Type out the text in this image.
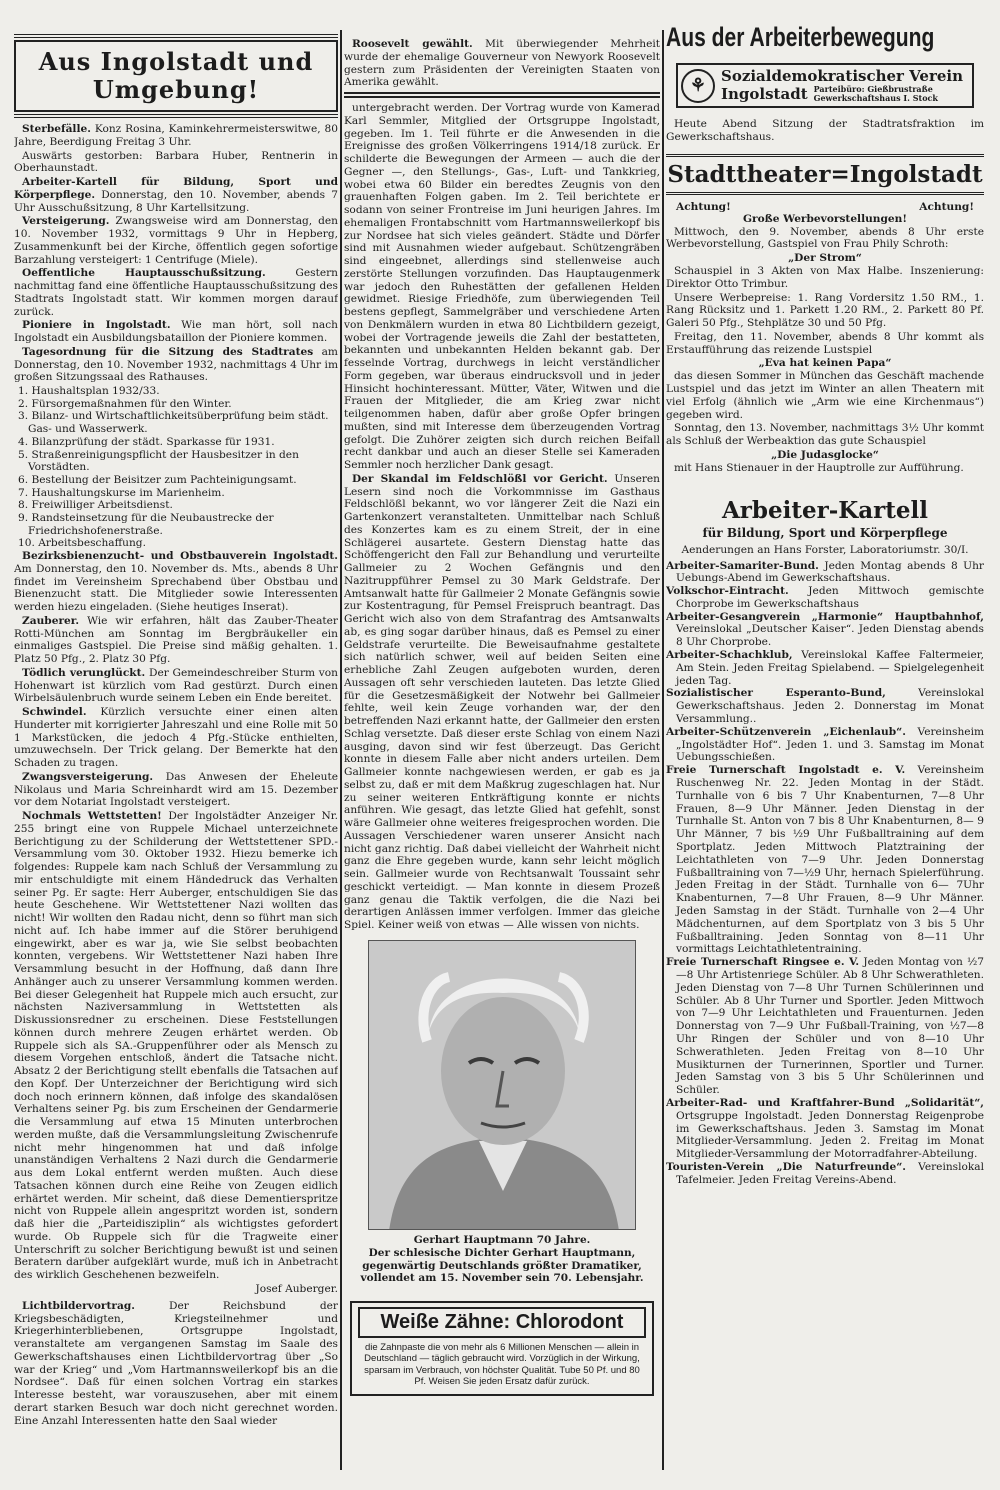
Aus Ingolstadt und
Umgebung!

Sterbefälle. Konz Rosina, Kaminkehrermeisterswitwe, 80 Jahre, Beerdigung Freitag 3 Uhr.

Auswärts gestorben: Barbara Huber, Rentnerin in Oberhaunstadt.

Arbeiter-Kartell für Bildung, Sport und Körperpflege. Donnerstag, den 10. November, abends 7 Uhr Ausschußsitzung, 8 Uhr Kartellsitzung.

Versteigerung. Zwangsweise wird am Donnerstag, den 10. November 1932, vormittags 9 Uhr in Hepberg, Zusammenkunft bei der Kirche, öffentlich gegen sofortige Barzahlung versteigert: 1 Centrifuge (Miele).

Oeffentliche Hauptausschußsitzung.	Gestern nachmittag fand eine öffentliche Hauptausschußsitzung des Stadtrats Ingolstadt statt. Wir kommen morgen darauf zurück.

Pioniere in Ingolstadt. Wie man hört, soll nach Ingolstadt ein Ausbildungsbataillon der Pioniere kommen.

Tagesordnung für die Sitzung des Stadtrates am Donnerstag, den 10. November 1932, nachmittags 4 Uhr im großen Sitzungssaal des Rathauses.

1. Haushaltsplan 1932/33.
2. Fürsorgemaßnahmen für den Winter.
3. Bilanz- und Wirtschaftlichkeitsüberprüfung beim städt. Gas- und Wasserwerk.
4. Bilanzprüfung der städt. Sparkasse für 1931.
5. Straßenreinigungspflicht der Hausbesitzer in den Vorstädten.
6. Bestellung der Beisitzer zum Pachteinigungsamt.
7. Haushaltungskurse im Marienheim.
8. Freiwilliger Arbeitsdienst.
9. Randsteinsetzung für die Neubaustrecke der Friedrichshofenerstraße.
10. Arbeitsbeschaffung.

Bezirksbienenzucht- und Obstbauverein Ingolstadt. Am Donnerstag, den 10. November ds. Mts., abends 8 Uhr findet im Vereinsheim Sprechabend über Obstbau und Bienenzucht statt. Die Mitglieder sowie Interessenten werden hiezu eingeladen. (Siehe heutiges Inserat).

Zauberer. Wie wir erfahren, hält das Zauber-Theater Rotti-München am Sonntag im Bergbräukeller ein einmaliges Gastspiel. Die Preise sind mäßig gehalten. 1. Platz 50 Pfg., 2. Platz 30 Pfg.

Tödlich verunglückt. Der Gemeindeschreiber Sturm von Hohenwart ist kürzlich vom Rad gestürzt. Durch einen Wirbelsäulenbruch wurde seinem Leben ein Ende bereitet.

Schwindel. Kürzlich versuchte einer einen alten Hunderter mit korrigierter Jahreszahl und eine Rolle mit 50 1 Markstücken, die jedoch 4 Pfg.-Stücke enthielten, umzuwechseln. Der Trick gelang. Der Bemerkte hat den Schaden zu tragen.

Zwangsversteigerung. Das Anwesen der Eheleute Nikolaus und Maria Schreinhardt wird am 15. Dezember vor dem Notariat Ingolstadt versteigert.

Nochmals Wettstetten! Der Ingolstädter Anzeiger Nr. 255 bringt eine von Ruppele Michael unterzeichnete Berichtigung zu der Schilderung der Wettstettener SPD.-Versammlung vom 30. Oktober 1932. Hiezu bemerke ich folgendes: Ruppele kam nach Schluß der Versammlung zu mir entschuldigte mit einem Händedruck das Verhalten seiner Pg. Er sagte: Herr Auberger, entschuldigen Sie das heute Geschehene. Wir Wettstettener Nazi wollten das nicht! Wir wollten den Radau nicht, denn so führt man sich nicht auf. Ich habe immer auf die Störer beruhigend eingewirkt, aber es war ja, wie Sie selbst beobachten konnten, vergebens. Wir Wettstettener Nazi haben Ihre Versammlung besucht in der Hoffnung, daß dann Ihre Anhänger auch zu unserer Versammlung kommen werden. Bei dieser Gelegenheit hat Ruppele mich auch ersucht, zur nächsten Naziversammlung in Wettstetten als Diskussionsredner zu erscheinen. Diese Feststellungen können durch mehrere Zeugen erhärtet werden. Ob Ruppele sich als SA.-Gruppenführer oder als Mensch zu diesem Vorgehen entschloß, ändert die Tatsache nicht. Absatz 2 der Berichtigung stellt ebenfalls die Tatsachen auf den Kopf. Der Unterzeichner der Berichtigung wird sich doch noch erinnern können, daß infolge des skandalösen Verhaltens seiner Pg. bis zum Erscheinen der Gendarmerie die Versammlung auf etwa 15 Minuten unterbrochen werden mußte, daß die Versammlungsleitung Zwischenrufe nicht mehr hingenommen hat und daß infolge unanständigen Verhaltens 2 Nazi durch die Gendarmerie aus dem Lokal entfernt werden mußten. Auch diese Tatsachen können durch eine Reihe von Zeugen eidlich erhärtet werden. Mir scheint, daß diese Dementierspritze nicht von Ruppele allein angespritzt worden ist, sondern daß hier die „Parteidisziplin“ als wichtigstes gefordert wurde. Ob Ruppele sich für die Tragweite einer Unterschrift zu solcher Berichtigung bewußt ist und seinen Beratern darüber aufgeklärt wurde, muß ich in Anbetracht des wirklich Geschehenen bezweifeln.

Josef Auberger.

Lichtbildervortrag.	Der Reichsbund der Kriegsbeschädigten, Kriegsteilnehmer und Kriegerhinterbliebenen, Ortsgruppe Ingolstadt, veranstaltete am vergangenen Samstag im Saale des Gewerkschaftshauses einen Lichtbildervortrag über „So war der Krieg“ und „Vom Hartmannsweilerkopf bis an die Nordsee“. Daß für einen solchen Vortrag ein starkes Interesse besteht, war vorauszusehen, aber mit einem derart starken Besuch war doch nicht gerechnet worden. Eine Anzahl Interessenten hatte den Saal wieder

Roosevelt gewählt. Mit überwiegender Mehrheit wurde der ehemalige Gouverneur von Newyork Roosevelt gestern zum Präsidenten der Vereinigten Staaten von Amerika gewählt.

untergebracht werden. Der Vortrag wurde von Kamerad Karl Semmler, Mitglied der Ortsgruppe Ingolstadt, gegeben. Im 1. Teil führte er die Anwesenden in die Ereignisse des großen Völkerringens 1914/18 zurück. Er schilderte die Bewegungen der Armeen — auch die der Gegner —, den Stellungs-, Gas-, Luft- und Tankkrieg, wobei etwa 60 Bilder ein beredtes Zeugnis von den grauenhaften Folgen gaben. Im 2. Teil berichtete er sodann von seiner Frontreise im Juni heurigen Jahres. Im ehemaligen Frontabschnitt vom Hartmannsweilerkopf bis zur Nordsee hat sich vieles geändert. Städte und Dörfer sind mit Ausnahmen wieder aufgebaut. Schützengräben sind eingeebnet, allerdings sind stellenweise auch zerstörte Stellungen vorzufinden. Das Hauptaugenmerk war jedoch den Ruhestätten der gefallenen Helden gewidmet. Riesige Friedhöfe, zum überwiegenden Teil bestens gepflegt, Sammelgräber und verschiedene Arten von Denkmälern wurden in etwa 80 Lichtbildern gezeigt, wobei der Vortragende jeweils die Zahl der bestatteten, bekannten und unbekannten Helden bekannt gab. Der fesselnde Vortrag, durchwegs in leicht verständlicher Form gegeben, war überaus eindrucksvoll und in jeder Hinsicht hochinteressant. Mütter, Väter, Witwen und die Frauen der Mitglieder, die am Krieg zwar nicht teilgenommen haben, dafür aber große Opfer bringen mußten, sind mit Interesse dem überzeugenden Vortrag gefolgt. Die Zuhörer zeigten sich durch reichen Beifall recht dankbar und auch an dieser Stelle sei Kameraden Semmler noch herzlicher Dank gesagt.

Der Skandal im Feldschlößl vor Gericht. Unseren Lesern sind noch die Vorkommnisse im Gasthaus Feldschlößl bekannt, wo vor längerer Zeit die Nazi ein Gartenkonzert veranstalteten. Unmittelbar nach Schluß des Konzertes kam es zu einem Streit, der in eine Schlägerei ausartete. Gestern Dienstag hatte das Schöffengericht den Fall zur Behandlung und verurteilte Gallmeier zu 2 Wochen Gefängnis und den Nazitruppführer Pemsel zu 30 Mark Geldstrafe. Der Amtsanwalt hatte für Gallmeier 2 Monate Gefängnis sowie zur Kostentragung, für Pemsel Freispruch beantragt. Das Gericht wich also von dem Strafantrag des Amtsanwalts ab, es ging sogar darüber hinaus, daß es Pemsel zu einer Geldstrafe verurteilte. Die Beweisaufnahme gestaltete sich natürlich schwer, weil auf beiden Seiten eine erhebliche Zahl Zeugen aufgeboten wurden, deren Aussagen oft sehr verschieden lauteten. Das letzte Glied für die Gesetzesmäßigkeit der Notwehr bei Gallmeier fehlte, weil kein Zeuge vorhanden war, der den betreffenden Nazi erkannt hatte, der Gallmeier den ersten Schlag versetzte. Daß dieser erste Schlag von einem Nazi ausging, davon sind wir fest überzeugt. Das Gericht konnte in diesem Falle aber nicht anders urteilen. Dem Gallmeier konnte nachgewiesen werden, er gab es ja selbst zu, daß er mit dem Maßkrug zugeschlagen hat. Nur zu seiner weiteren Entkräftigung konnte er nichts anführen. Wie gesagt, das letzte Glied hat gefehlt, sonst wäre Gallmeier ohne weiteres freigesprochen worden. Die Aussagen Verschiedener waren unserer Ansicht nach nicht ganz richtig. Daß dabei vielleicht der Wahrheit nicht ganz die Ehre gegeben wurde, kann sehr leicht möglich sein. Gallmeier wurde von Rechtsanwalt Toussaint sehr geschickt verteidigt. — Man konnte in diesem Prozeß ganz genau die Taktik verfolgen, die die Nazi bei derartigen Anlässen immer verfolgen. Immer das gleiche Spiel. Keiner weiß von etwas — Alle wissen von nichts.

Gerhart Hauptmann 70 Jahre.
Der schlesische Dichter Gerhart Hauptmann, gegenwärtig Deutschlands größter Dramatiker, vollendet am 15. November sein 70. Lebensjahr.
Weiße Zähne: Chlorodont
die Zahnpaste die von mehr als 6 Millionen Menschen — allein in Deutschland — täglich gebraucht wird. Vorzüglich in der Wirkung, sparsam im Verbrauch, von höchster Qualität. Tube 50 Pf. und 80 Pf. Weisen Sie jeden Ersatz dafür zurück.
Aus der Arbeiterbewegung
⚘ Sozialdemokratischer Verein
Ingolstadt Parteibüro: Gießbrustraße
Gewerkschaftshaus I. Stock

Heute Abend Sitzung der Stadtratsfraktion im Gewerkschaftshaus.

Stadttheater=Ingolstadt
Achtung!	Achtung!
Große Werbevorstellungen!

Mittwoch, den 9. November, abends 8 Uhr erste Werbevorstellung, Gastspiel von Frau Phily Schroth:

„Der Strom“

Schauspiel in 3 Akten von Max Halbe. Inszenierung: Direktor Otto Trimbur.

Unsere Werbepreise: 1. Rang Vordersitz 1.50 RM., 1. Rang Rücksitz und 1. Parkett 1.20 RM., 2. Parkett 80 Pf. Galeri 50 Pfg., Stehplätze 30 und 50 Pfg.

Freitag, den 11. November, abends 8 Uhr kommt als Erstaufführung das reizende Lustspiel

„Eva hat keinen Papa“

das diesen Sommer in München das Geschäft machende Lustspiel und das jetzt im Winter an allen Theatern mit viel Erfolg (ähnlich wie „Arm wie eine Kirchenmaus“) gegeben wird.

Sonntag, den 13. November, nachmittags 3½ Uhr kommt als Schluß der Werbeaktion das gute Schauspiel

„Die Judasglocke“

mit Hans Stienauer in der Hauptrolle zur Aufführung.

Arbeiter-Kartell
für Bildung, Sport und Körperpflege
Aenderungen an Hans Forster, Laboratoriumstr. 30/I.

Arbeiter-Samariter-Bund. Jeden Montag abends 8 Uhr Uebungs-Abend im Gewerkschaftshaus.

Volkschor-Eintracht. Jeden Mittwoch gemischte Chorprobe im Gewerkschaftshaus

Arbeiter-Gesangverein „Harmonie“ Hauptbahnhof, Vereinslokal „Deutscher Kaiser“. Jeden Dienstag abends 8 Uhr Chorprobe.

Arbeiter-Schachklub, Vereinslokal Kaffee Faltermeier, Am Stein. Jeden Freitag Spielabend. — Spielgelegenheit jeden Tag.

Sozialistischer Esperanto-Bund,	Vereinslokal Gewerkschaftshaus. Jeden 2. Donnerstag im Monat Versammlung..

Arbeiter-Schützenverein „Eichenlaub“. Vereinsheim „Ingolstädter Hof“. Jeden 1. und 3. Samstag im Monat Uebungsschießen.

Freie Turnerschaft Ingolstadt e. V. Vereinsheim Ruschenweg Nr. 22. Jeden Montag in der Städt. Turnhalle von 6 bis 7 Uhr Knabenturnen, 7—8 Uhr Frauen, 8—9 Uhr Männer. Jeden Dienstag in der Turnhalle St. Anton von 7 bis 8 Uhr Knabenturnen, 8— 9 Uhr Männer, 7 bis ½9 Uhr Fußballtraining auf dem Sportplatz. Jeden Mittwoch Platztraining der Leichtathleten von 7—9 Uhr. Jeden Donnerstag Fußballtraining von 7—½9 Uhr, hernach Spielerführung. Jeden Freitag in der Städt. Turnhalle von 6— 7Uhr Knabenturnen, 7—8 Uhr Frauen, 8—9 Uhr Männer. Jeden Samstag in der Städt. Turnhalle von 2—4 Uhr Mädchenturnen, auf dem Sportplatz von 3 bis 5 Uhr Fußballtraining. Jeden Sonntag von 8—11 Uhr vormittags Leichtathletentraining.

Freie Turnerschaft Ringsee e. V. Jeden Montag von ½7—8 Uhr Artistenriege Schüler. Ab 8 Uhr Schwerathleten. Jeden Dienstag von 7—8 Uhr Turnen Schülerinnen und Schüler. Ab 8 Uhr Turner und Sportler. Jeden Mittwoch von 7—9 Uhr Leichtathleten und Frauenturnen. Jeden Donnerstag von 7—9 Uhr Fußball-Training, von ½7—8 Uhr Ringen der Schüler und von 8—10 Uhr Schwerathleten. Jeden Freitag von 8—10 Uhr Musikturnen der Turnerinnen, Sportler und Turner. Jeden Samstag von 3 bis 5 Uhr Schülerinnen und Schüler.

Arbeiter-Rad- und Kraftfahrer-Bund „Solidarität“, Ortsgruppe Ingolstadt. Jeden Donnerstag Reigenprobe im Gewerkschaftshaus. Jeden 3. Samstag im Monat Mitglieder-Versammlung. Jeden 2. Freitag im Monat Mitglieder-Versammlung der Motorradfahrer-Abteilung.

Touristen-Verein „Die Naturfreunde“. Vereinslokal Tafelmeier. Jeden Freitag Vereins-Abend.
